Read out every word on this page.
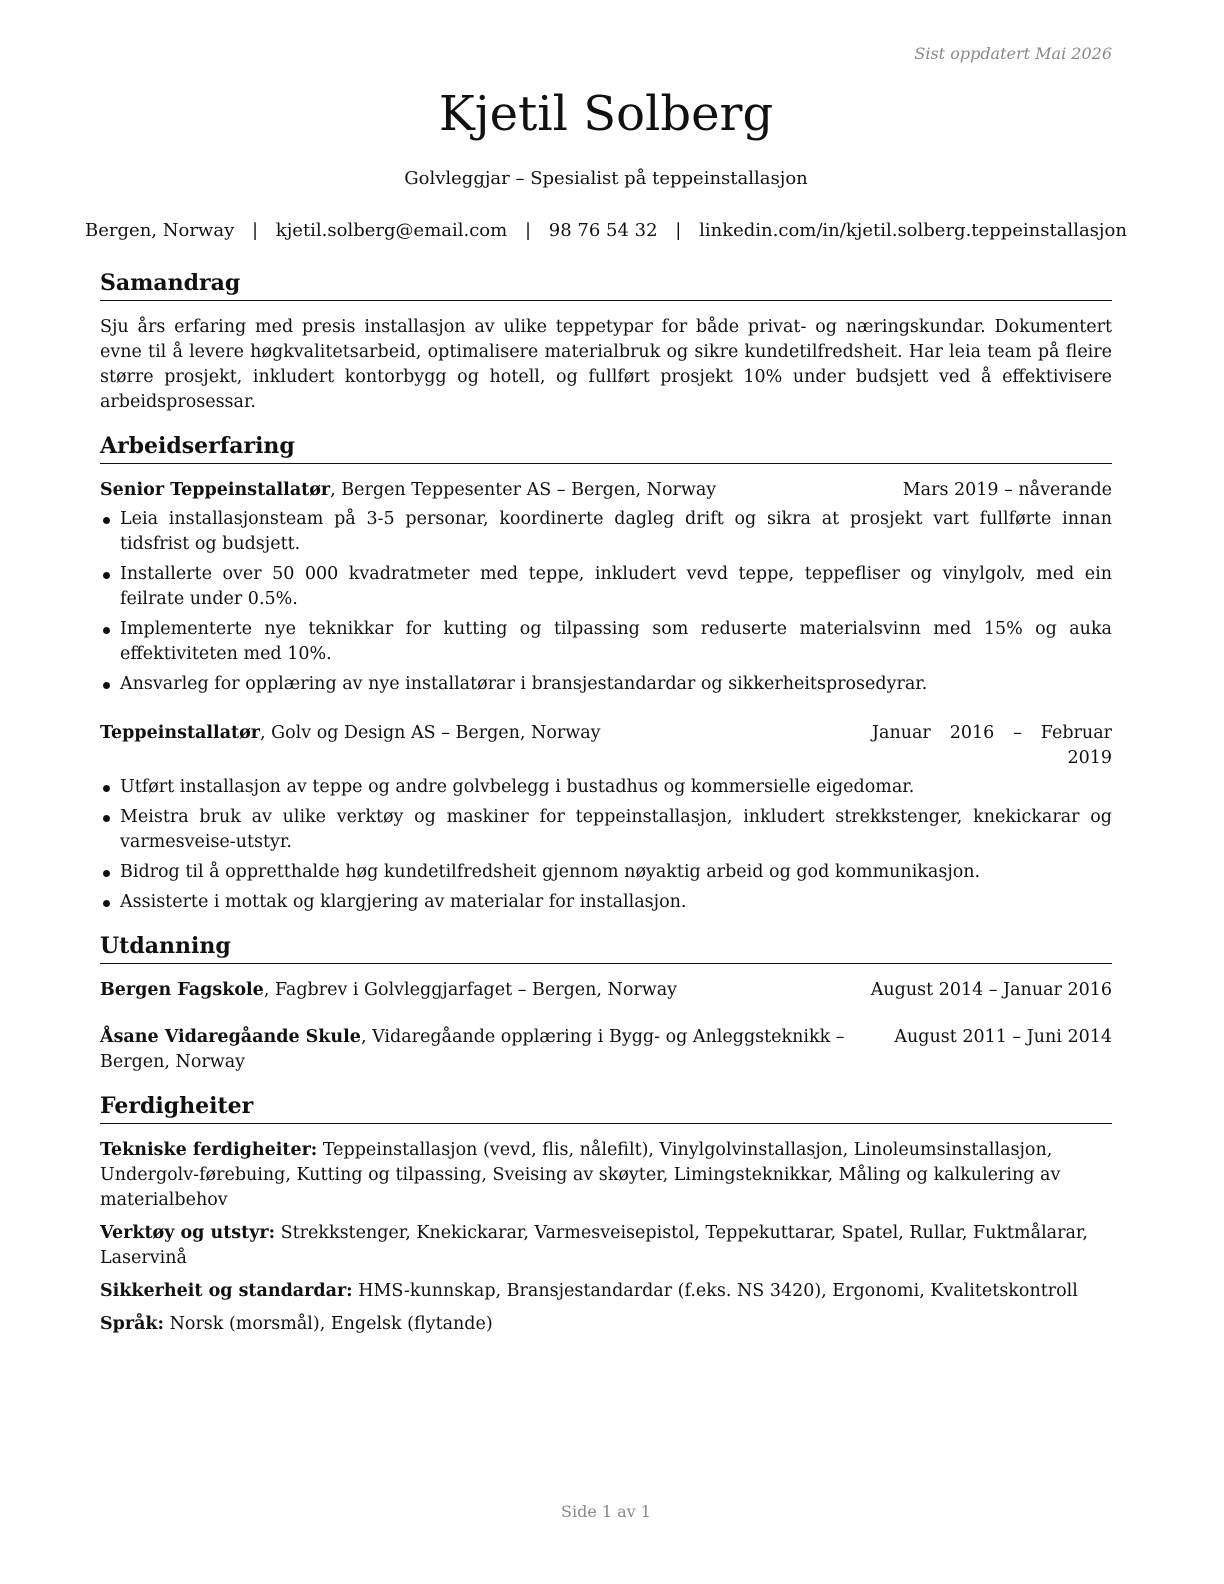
Sist oppdatert Mai 2026
Kjetil Solberg
Golvleggjar – Spesialist på teppeinstallasjon
Bergen, Norway | kjetil.solberg@email.com | 98 76 54 32 | linkedin.com/in/kjetil.solberg.teppeinstallasjon
Samandrag

Sju års erfaring med presis installasjon av ulike teppetypar for både privat- og næringskundar. Dokumentert evne til å levere høgkvalitetsarbeid, optimalisere materialbruk og sikre kundetilfredsheit. Har leia team på fleire større prosjekt, inkludert kontorbygg og hotell, og fullført prosjekt 10% under budsjett ved å effektivisere arbeidsprosessar.

Arbeidserfaring
Senior Teppeinstallatør, Bergen Teppesenter AS – Bergen, Norway	Mars 2019 – nåverande
Leia installasjonsteam på 3-5 personar, koordinerte dagleg drift og sikra at prosjekt vart fullførte innan tidsfrist og budsjett.
Installerte over 50 000 kvadratmeter med teppe, inkludert vevd teppe, teppefliser og vinylgolv, med ein feilrate under 0.5%.
Implementerte nye teknikkar for kutting og tilpassing som reduserte materialsvinn med 15% og auka effektiviteten med 10%.
Ansvarleg for opplæring av nye installatørar i bransjestandardar og sikkerheitsprosedyrar.
Teppeinstallatør, Golv og Design AS – Bergen, Norway	Januar 2016 – Februar 2019
Utført installasjon av teppe og andre golvbelegg i bustadhus og kommersielle eigedomar.
Meistra bruk av ulike verktøy og maskiner for teppeinstallasjon, inkludert strekkstenger, knekickarar og varmesveise-utstyr.
Bidrog til å oppretthalde høg kundetilfredsheit gjennom nøyaktig arbeid og god kommunikasjon.
Assisterte i mottak og klargjering av materialar for installasjon.
Utdanning
Bergen Fagskole, Fagbrev i Golvleggjarfaget – Bergen, Norway	August 2014 – Januar 2016
Åsane Vidaregåande Skule, Vidaregåande opplæring i Bygg- og Anleggsteknikk – Bergen, Norway
August 2011 – Juni 2014
Ferdigheiter
Tekniske ferdigheiter: Teppeinstallasjon (vevd, flis, nålefilt), Vinylgolvinstallasjon, Linoleumsinstallasjon, Undergolv-førebuing, Kutting og tilpassing, Sveising av skøyter, Limingsteknikkar, Måling og kalkulering av materialbehov
Verktøy og utstyr: Strekkstenger, Knekickarar, Varmesveisepistol, Teppekuttarar, Spatel, Rullar, Fuktmålarar, Laservinå
Sikkerheit og standardar: HMS-kunnskap, Bransjestandardar (f.eks. NS 3420), Ergonomi, Kvalitetskontroll
Språk: Norsk (morsmål), Engelsk (flytande)
Side 1 av 1
